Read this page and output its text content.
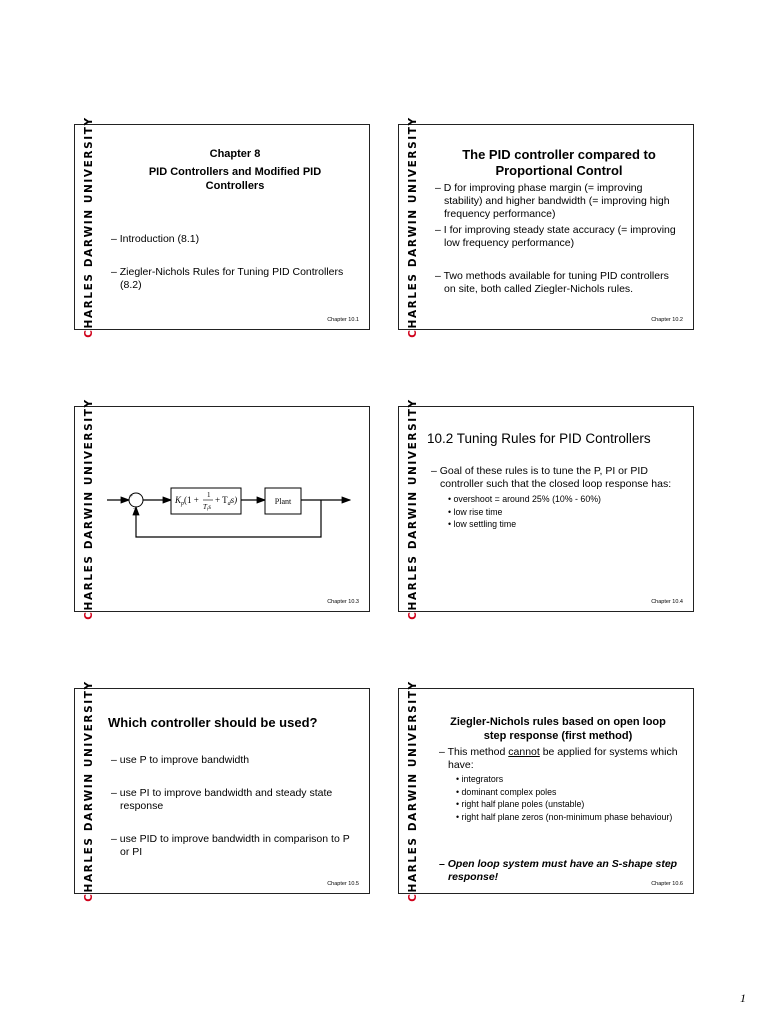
CHARLES DARWIN UNIVERSITY	Chapter 8
PID Controllers and Modified PID Controllers

– Introduction (8.1)

– Ziegler-Nichols Rules for Tuning PID Controllers (8.2)

Chapter 10.1
CHARLES DARWIN UNIVERSITY	The PID controller compared to Proportional Control

– D for improving phase margin (= improving stability) and higher bandwidth (= improving high frequency performance)

– I for improving steady state accuracy (= improving low frequency performance)

– Two methods available for tuning PID controllers on site, both called Ziegler-Nichols rules.

Chapter 10.2
CHARLES DARWIN UNIVERSITY	+
−
$K_p(1 + 1$
$T_is$
+ $T_ds$)	Plant
Chapter 10.3
CHARLES DARWIN UNIVERSITY 10.2 Tuning Rules for PID Controllers

– Goal of these rules is to tune the P, PI or PID controller such that the closed loop response has:

• overshoot = around 25% (10% - 60%)
• low rise time
• low settling time
Chapter 10.4
CHARLES DARWIN UNIVERSITY Which controller should be used?

– use P to improve bandwidth

– use PI to improve bandwidth and steady state response

– use PID to improve bandwidth in comparison to P or PI

Chapter 10.5
CHARLES DARWIN UNIVERSITY	Ziegler-Nichols rules based on open loop step response (first method)

– This method cannot be applied for systems which have:

• integrators
• dominant complex poles
• right half plane poles (unstable)
• right half plane zeros (non-minimum phase behaviour)

– Open loop system must have an S-shape step response!

Chapter 10.6
1
